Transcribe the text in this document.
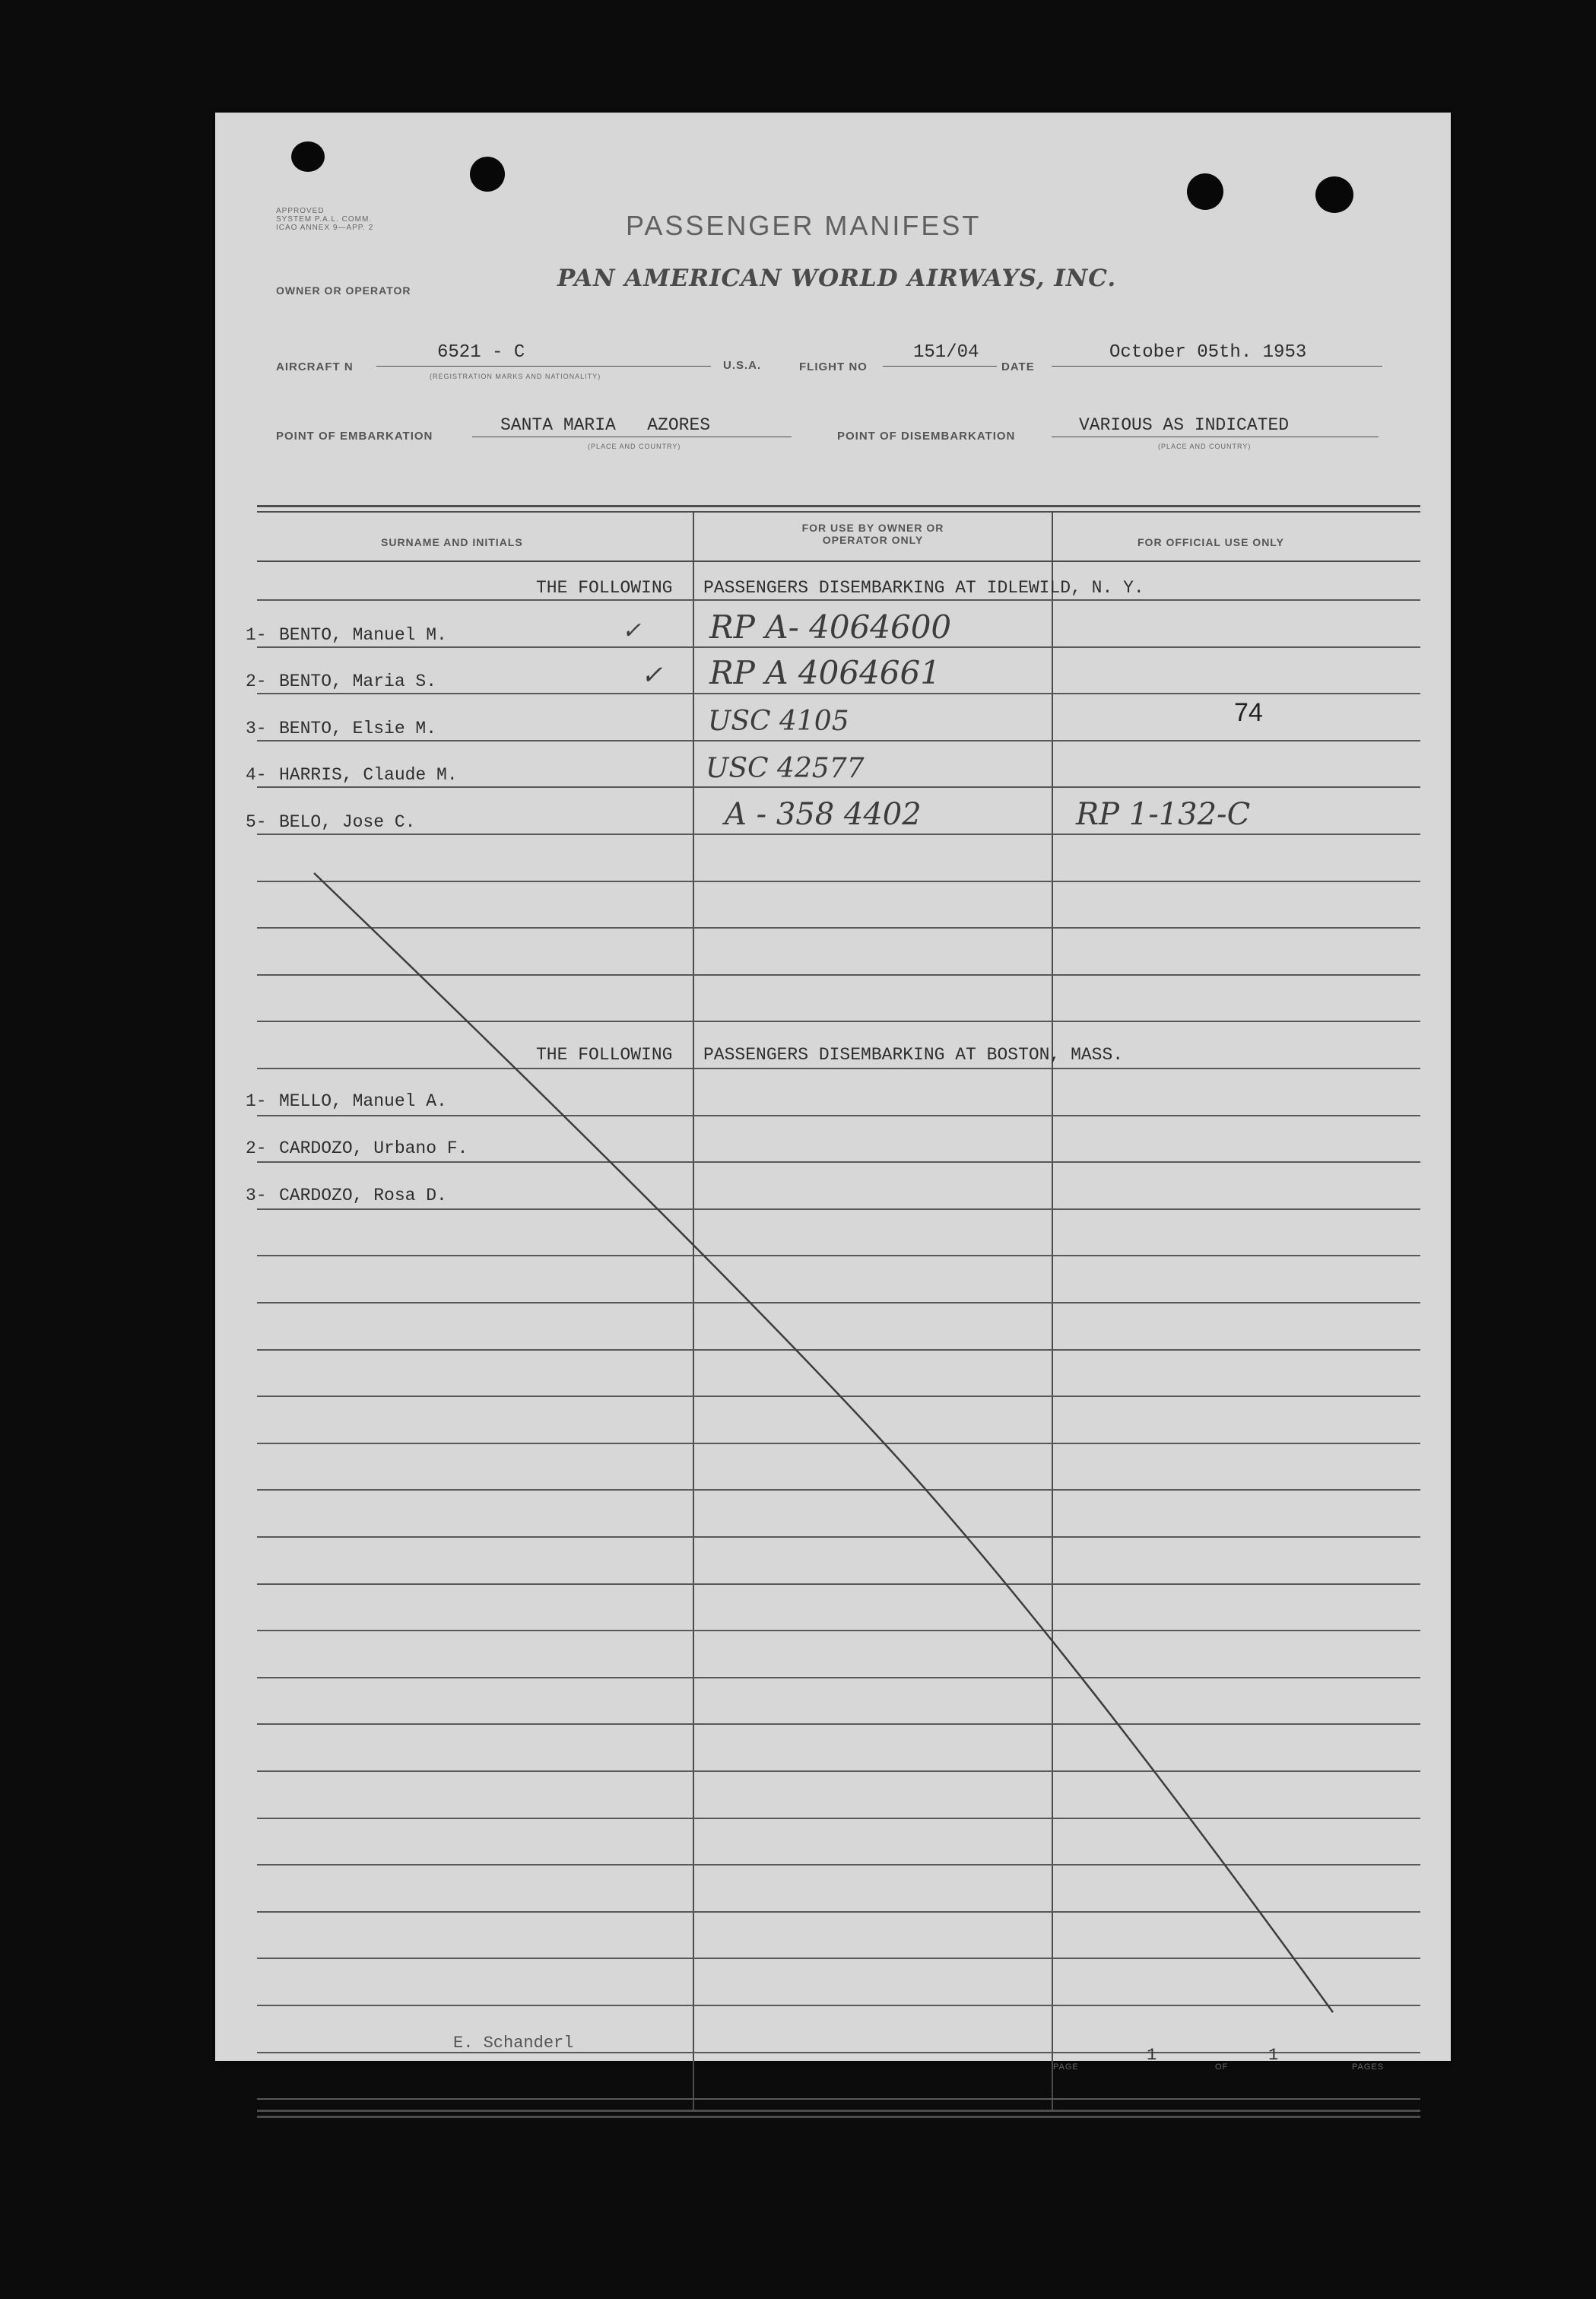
APPROVED
SYSTEM P.A.L. COMM.
ICAO ANNEX 9—APP. 2	PASSENGER MANIFEST
OWNER OR OPERATOR	PAN AMERICAN WORLD AIRWAYS, INC.
AIRCRAFT N
6521 - C
(REGISTRATION MARKS AND NATIONALITY)
U.S.A.	FLIGHT NO
151/04
DATE
October 05th. 1953
POINT OF EMBARKATION
SANTA MARIA   AZORES
(PLACE AND COUNTRY)
POINT OF DISEMBARKATION
VARIOUS AS INDICATED
(PLACE AND COUNTRY)
SURNAME AND INITIALS
FOR USE BY OWNER OR OPERATOR ONLY	FOR OFFICIAL USE ONLY
THE FOLLOWING PASSENGERS DISEMBARKING AT IDLEWILD, N. Y.
1- BENTO, Manuel M.	✓ RP A- 4064600
2- BENTO, Maria S.	✓ RP A 4064661
3- BENTO, Elsie M.	USC 4105	74
4- HARRIS, Claude M.	USC 42577
5- BELO, Jose C.	A - 358 4402	RP 1-132-C
THE FOLLOWING PASSENGERS DISEMBARKING AT BOSTON, MASS.
1- MELLO, Manuel A.
2- CARDOZO, Urbano F.
3- CARDOZO, Rosa D.
E. Schanderl
PAGE
1
OF
1
PAGES
